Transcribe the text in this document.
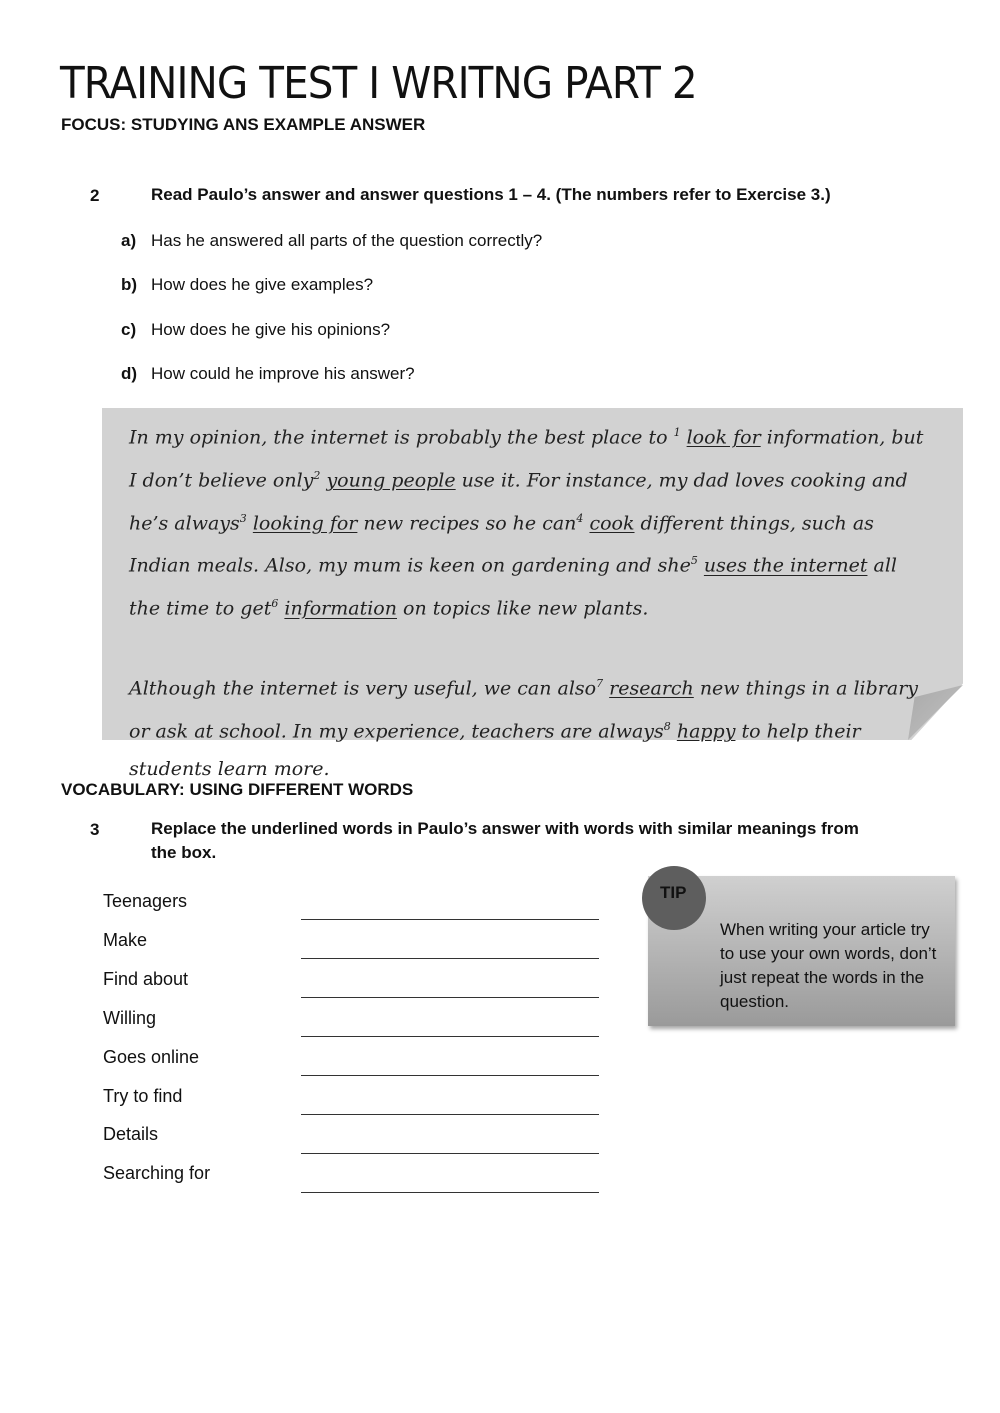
TRAINING TEST I WRITNG PART 2
FOCUS: STUDYING ANS EXAMPLE ANSWER
2	Read Paulo’s answer and answer questions 1 – 4. (The numbers refer to Exercise 3.)
a) Has he answered all parts of the question correctly?
b) How does he give examples?
c) How does he give his opinions?
d) How could he improve his answer?

In my opinion, the internet is probably the best place to $^1$ look for information, but I don’t believe only$^2$ young people use it. For instance, my dad loves cooking and he’s always$^3$ looking for new recipes so he can$^4$ cook different things, such as Indian meals. Also, my mum is keen on gardening and she$^5$ uses the internet all the time to get$^6$ information on topics like new plants.

Although the internet is very useful, we can also$^7$ research new things in a library or ask at school. In my experience, teachers are always$^8$ happy to help their students learn more.

VOCABULARY: USING DIFFERENT WORDS
3	Replace the underlined words in Paulo’s answer with words with similar meanings from
the box.
Teenagers
Make
Find about
Willing
Goes online
Try to find
Details
Searching for
TIP
When writing your article try to use your own words, don’t just repeat the words in the question.
